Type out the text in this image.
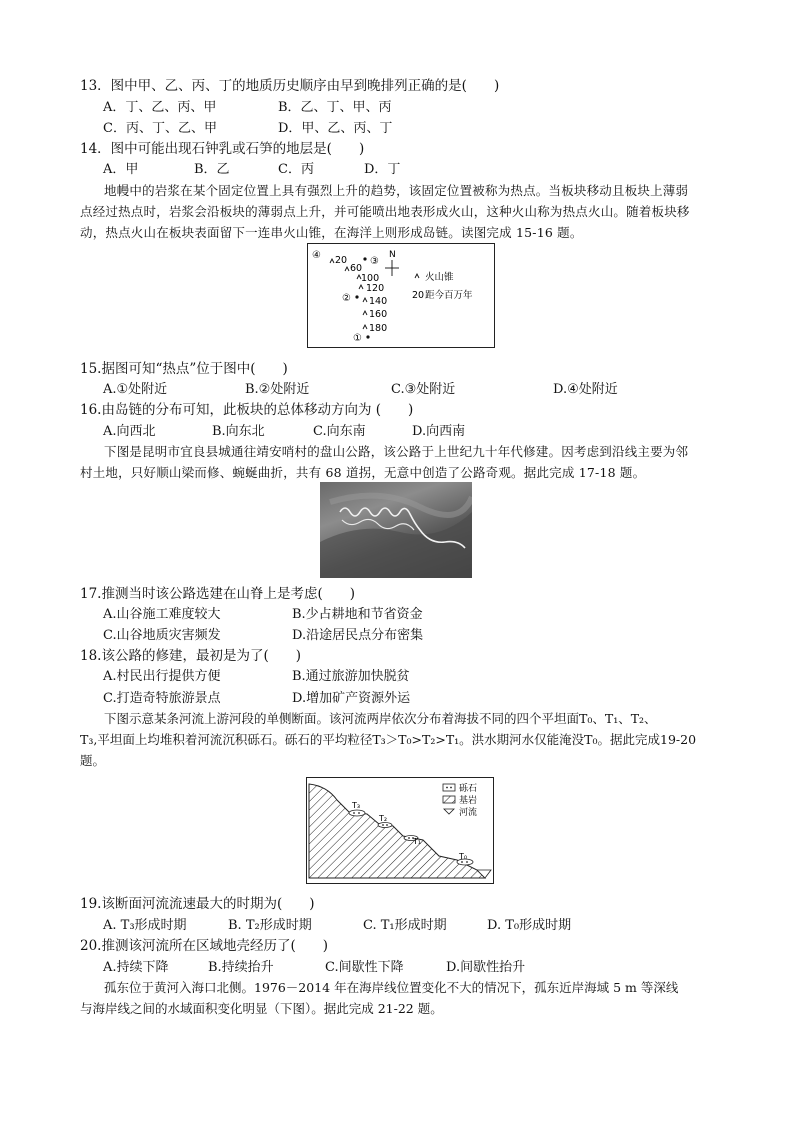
13．图中甲、乙、丙、丁的地质历史顺序由早到晚排列正确的是(　　)
A．丁、乙、丙、甲	B．乙、丁、甲、丙
C．丙、丁、乙、甲	D．甲、乙、丙、丁
14．图中可能出现石钟乳或石笋的地层是(　　)
A．甲	B．乙	C．丙	D．丁
地幔中的岩浆在某个固定位置上具有强烈上升的趋势，该固定位置被称为热点。当板块移动且板块上薄弱点经过热点时，岩浆会沿板块的薄弱点上升，并可能喷出地表形成火山，这种火山称为热点火山。随着板块移动，热点火山在板块表面留下一连串火山锥，在海洋上则形成岛链。读图完成 15-16 题。
④
③
②
①
20
60
100
120
140
160
180
N
火山锥
20 距今百万年
15.据图可知“热点”位于图中(　　)
A.①处附近	B.②处附近	C.③处附近	D.④处附近
16.由岛链的分布可知，此板块的总体移动方向为 (　　)
A.向西北	B.向东北	C.向东南	D.向西南
下图是昆明市宜良县城通往靖安哨村的盘山公路，该公路于上世纪九十年代修建。因考虑到沿线主要为邻村土地，只好顺山梁而修、蜿蜒曲折，共有 68 道拐，无意中创造了公路奇观。据此完成 17-18 题。
17.推测当时该公路选建在山脊上是考虑(　　)
A.山谷施工难度较大	B.少占耕地和节省资金
C.山谷地质灾害频发	D.沿途居民点分布密集
18.该公路的修建，最初是为了(　　)
A.村民出行提供方便	B.通过旅游加快脱贫
C.打造奇特旅游景点	D.增加矿产资源外运
下图示意某条河流上游河段的单侧断面。该河流两岸依次分布着海拔不同的四个平坦面T₀、T₁、T₂、
T₃,平坦面上均堆积着河流沉积砾石。砾石的平均粒径T₃＞T₀>T₂>T₁。洪水期河水仅能淹没T₀。据此完成19-20
题。
T₃
T₂
T₁
T₀
砾石
基岩
河流
19.该断面河流流速最大的时期为(　　)
A. T₃形成时期	B. T₂形成时期	C. T₁形成时期	D. T₀形成时期
20.推测该河流所在区域地壳经历了(　　)
A.持续下降	B.持续抬升	C.间歇性下降	D.间歇性抬升
孤东位于黄河入海口北侧。1976－2014 年在海岸线位置变化不大的情况下，孤东近岸海域 5 m 等深线
与海岸线之间的水域面积变化明显（下图）。据此完成 21-22 题。
